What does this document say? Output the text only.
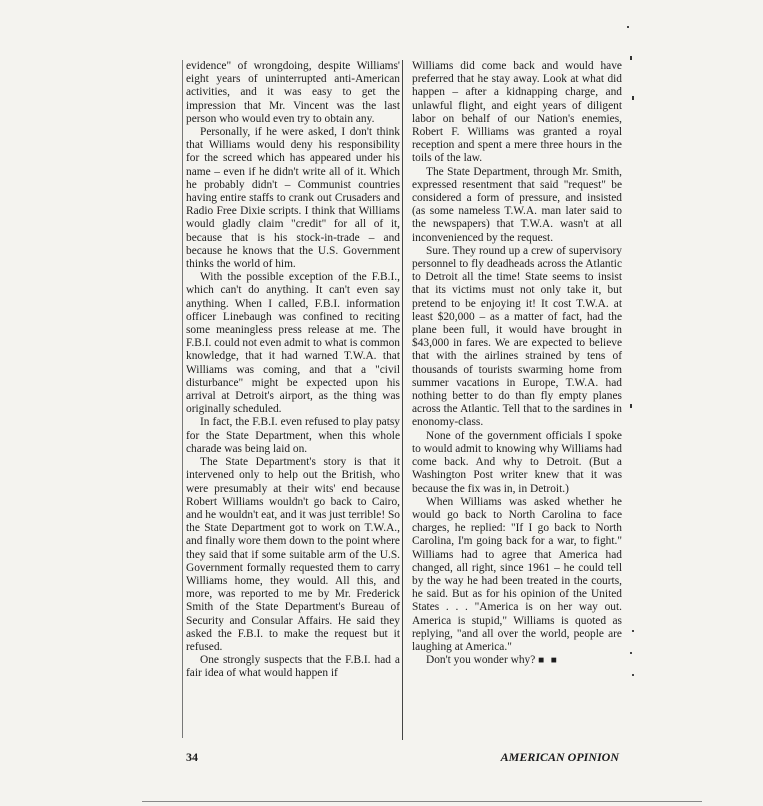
evidence" of wrongdoing, despite Williams' eight years of uninterrupted anti-American activities, and it was easy to get the impression that Mr. Vincent was the last person who would even try to obtain any.

Personally, if he were asked, I don't think that Williams would deny his responsibility for the screed which has appeared under his name – even if he didn't write all of it. Which he probably didn't – Communist countries having entire staffs to crank out Crusaders and Radio Free Dixie scripts. I think that Williams would gladly claim "credit" for all of it, because that is his stock-in-trade – and because he knows that the U.S. Government thinks the world of him.

With the possible exception of the F.B.I., which can't do anything. It can't even say anything. When I called, F.B.I. information officer Linebaugh was confined to reciting some meaningless press release at me. The F.B.I. could not even admit to what is common knowledge, that it had warned T.W.A. that Williams was coming, and that a "civil disturbance" might be expected upon his arrival at Detroit's airport, as the thing was originally scheduled.

In fact, the F.B.I. even refused to play patsy for the State Department, when this whole charade was being laid on.

The State Department's story is that it intervened only to help out the British, who were presumably at their wits' end because Robert Williams wouldn't go back to Cairo, and he wouldn't eat, and it was just terrible! So the State Department got to work on T.W.A., and finally wore them down to the point where they said that if some suitable arm of the U.S. Government formally requested them to carry Williams home, they would. All this, and more, was reported to me by Mr. Frederick Smith of the State Department's Bureau of Security and Consular Affairs. He said they asked the F.B.I. to make the request but it refused.

One strongly suspects that the F.B.I. had a fair idea of what would happen if

Williams did come back and would have preferred that he stay away. Look at what did happen – after a kidnapping charge, and unlawful flight, and eight years of diligent labor on behalf of our Nation's enemies, Robert F. Williams was granted a royal reception and spent a mere three hours in the toils of the law.

The State Department, through Mr. Smith, expressed resentment that said "request" be considered a form of pressure, and insisted (as some nameless T.W.A. man later said to the newspapers) that T.W.A. wasn't at all inconvenienced by the request.

Sure. They round up a crew of supervisory personnel to fly deadheads across the Atlantic to Detroit all the time! State seems to insist that its victims must not only take it, but pretend to be enjoying it! It cost T.W.A. at least $20,000 – as a matter of fact, had the plane been full, it would have brought in $43,000 in fares. We are expected to believe that with the airlines strained by tens of thousands of tourists swarming home from summer vacations in Europe, T.W.A. had nothing better to do than fly empty planes across the Atlantic. Tell that to the sardines in enonomy-class.

None of the government officials I spoke to would admit to knowing why Williams had come back. And why to Detroit. (But a Washington Post writer knew that it was because the fix was in, in Detroit.)

When Williams was asked whether he would go back to North Carolina to face charges, he replied: "If I go back to North Carolina, I'm going back for a war, to fight." Williams had to agree that America had changed, all right, since 1961 – he could tell by the way he had been treated in the courts, he said. But as for his opinion of the United States . . . "America is on her way out. America is stupid," Williams is quoted as replying, "and all over the world, people are laughing at America."

Don't you wonder why? ■ ■

34	AMERICAN OPINION
